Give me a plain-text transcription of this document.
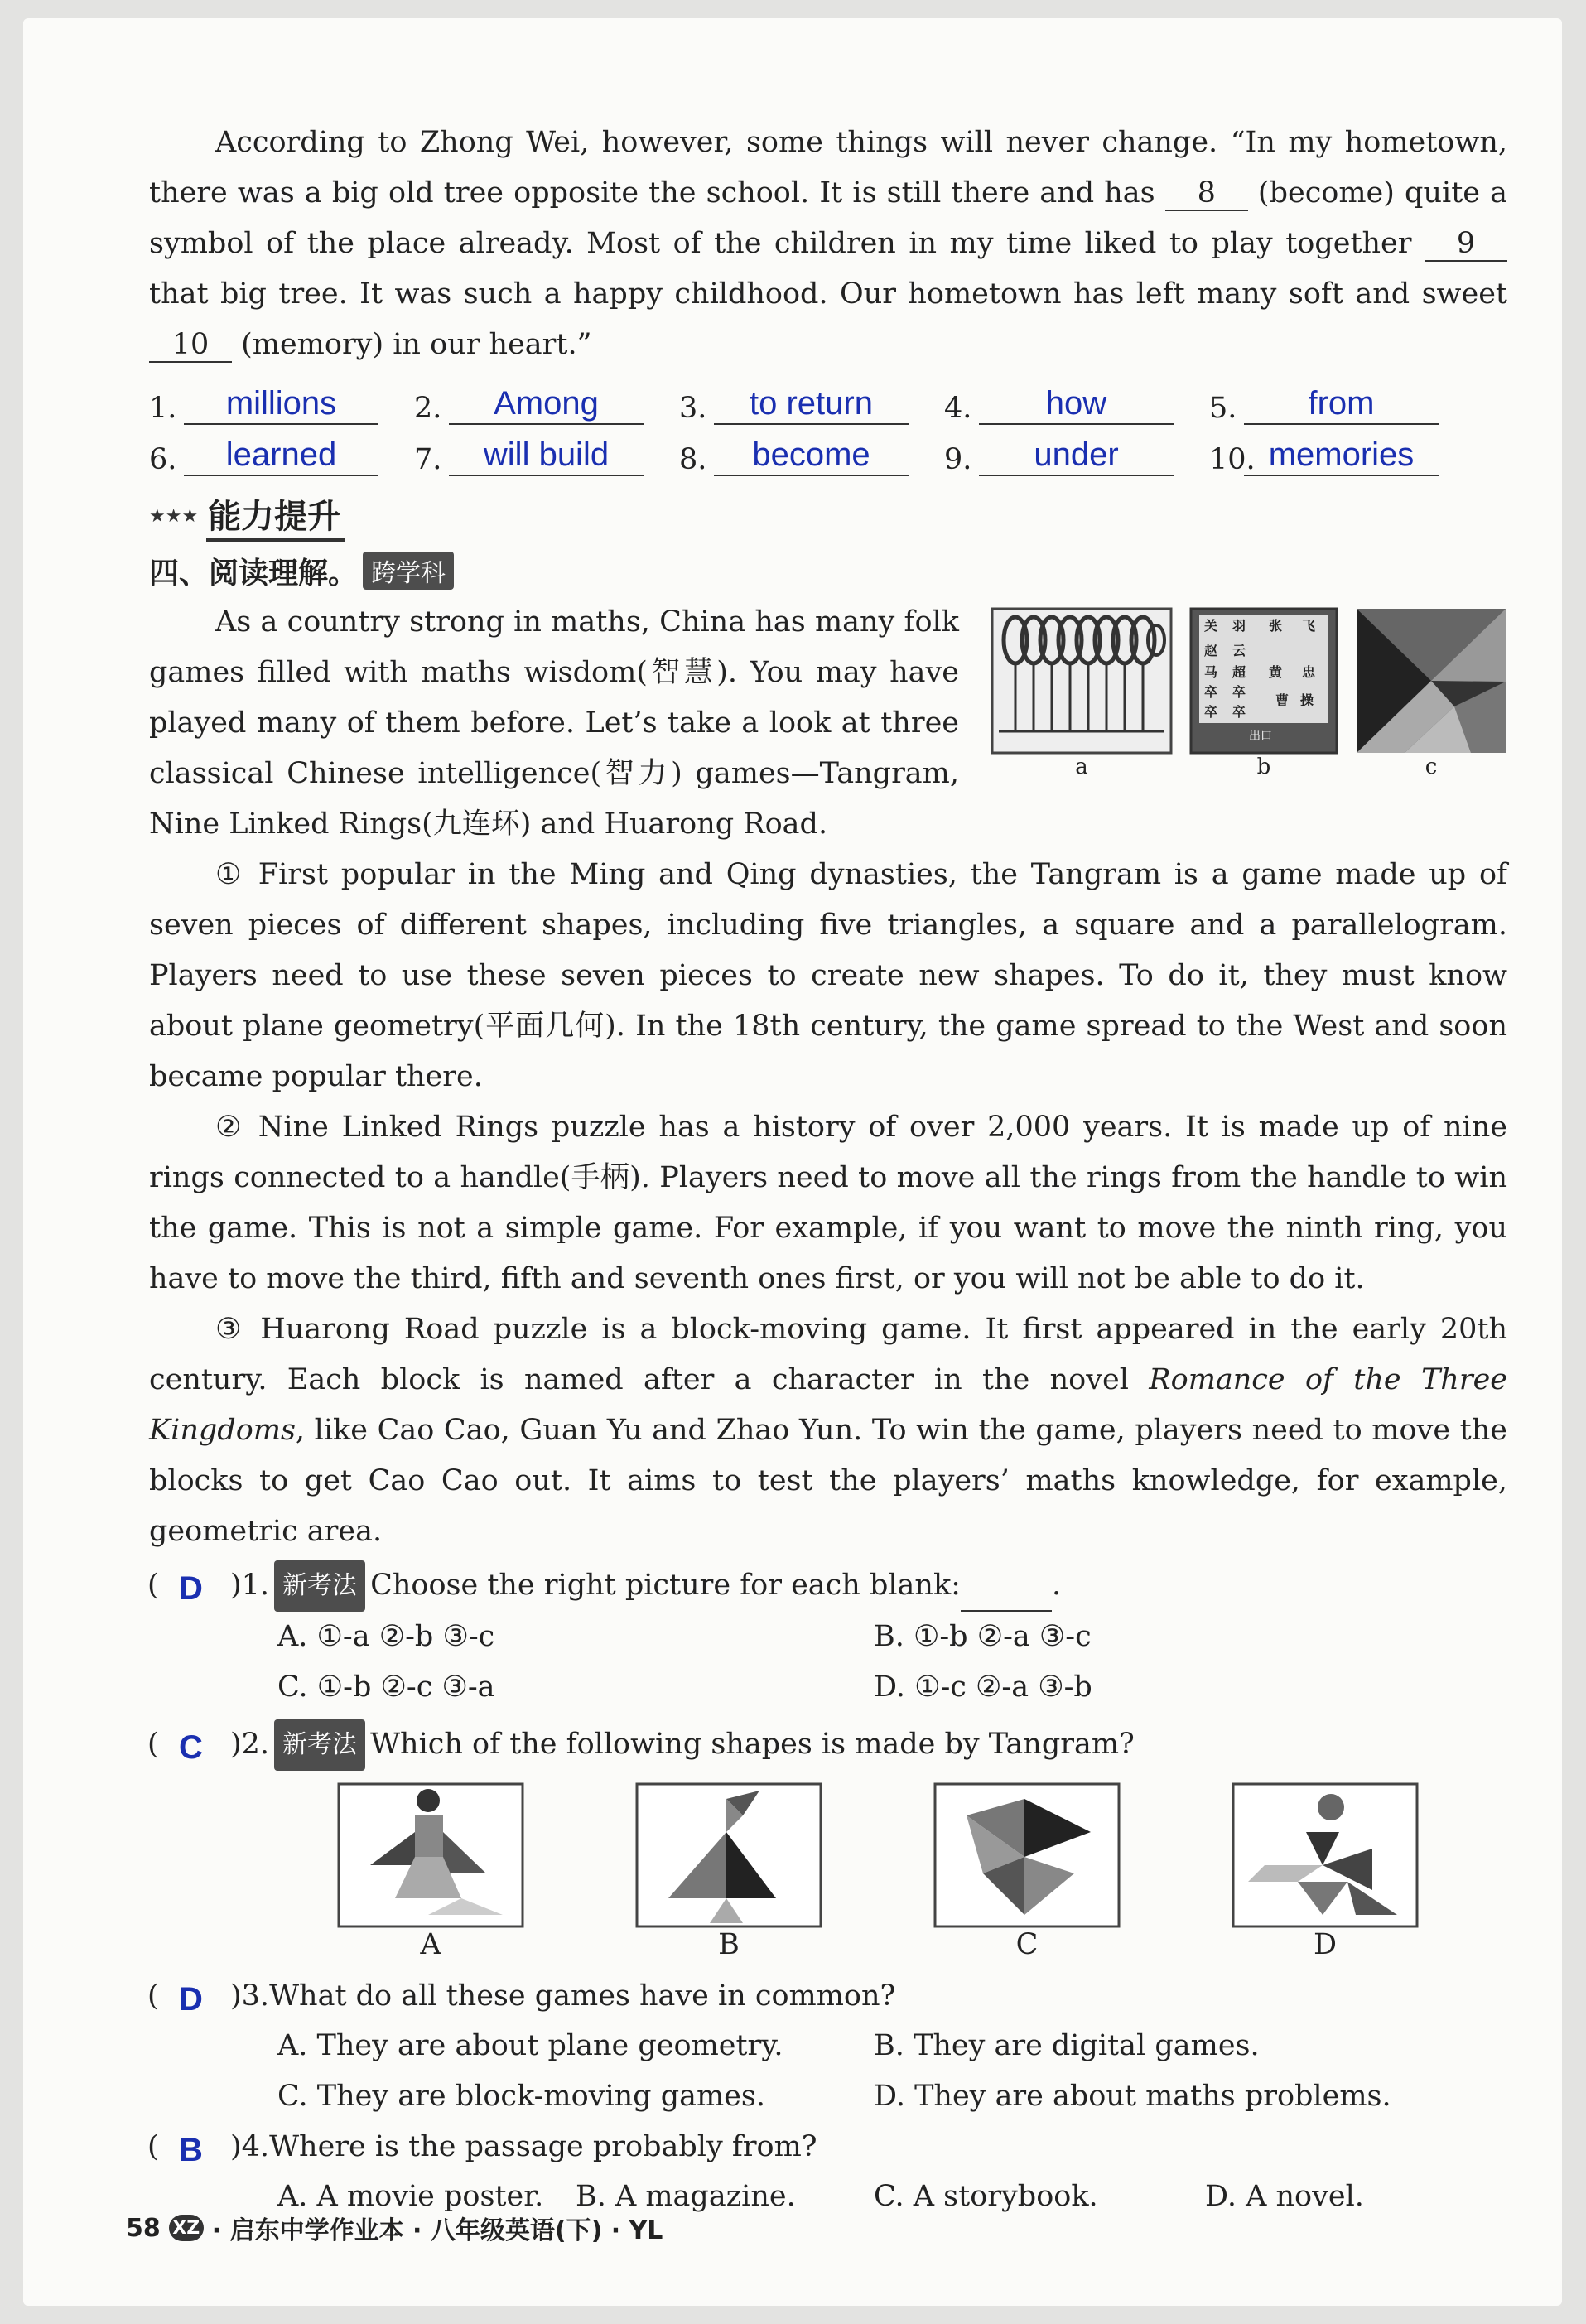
According to Zhong Wei, however, some things will never change. “In my hometown, there was a big old tree opposite the school. It is still there and has 8 (become) quite a symbol of the place already. Most of the children in my time liked to play together 9 that big tree. It was such a happy childhood. Our hometown has left many soft and sweet 10 (memory) in our heart.”

1.	millions	2.	Among	3.	to return	4.	how	5.	from
6.	learned	7.	will build	8.	become	9.	under	10. memories
★★★ 能力提升
四、阅读理解。 跨学科

As a country strong in maths, China has many folk games filled with maths wisdom(智慧). You may have played many of them before. Let’s take a look at three classical Chinese intelligence(智力) games—Tangram, Nine Linked Rings(九连环) and Huarong Road.

a
关 羽 张 飞
赵 云
马 超 黄 忠
卒 卒
卒 卒
曹 操
出口
b	c

① First popular in the Ming and Qing dynasties, the Tangram is a game made up of seven pieces of different shapes, including five triangles, a square and a parallelogram. Players need to use these seven pieces to create new shapes. To do it, they must know about plane geometry(平面几何). In the 18th century, the game spread to the West and soon became popular there.

② Nine Linked Rings puzzle has a history of over 2,000 years. It is made up of nine rings connected to a handle(手柄). Players need to move all the rings from the handle to win the game. This is not a simple game. For example, if you want to move the ninth ring, you have to move the third, fifth and seventh ones first, or you will not be able to do it.

③ Huarong Road puzzle is a block-moving game. It first appeared in the early 20th century. Each block is named after a character in the novel Romance of the Three Kingdoms, like Cao Cao, Guan Yu and Zhao Yun. To win the game, players need to move the blocks to get Cao Cao out. It aims to test the players’ maths knowledge, for example, geometric area.

( D )1. 新考法 Choose the right picture for each blank:	.
A. ①-a ②-b ③-c	B. ①-b ②-a ③-c
C. ①-b ②-c ③-a	D. ①-c ②-a ③-b
( C )2. 新考法 Which of the following shapes is made by Tangram?
A	B	C	D
( D )3. What do all these games have in common?
A. They are about plane geometry.	B. They are digital games.
C. They are block-moving games.	D. They are about maths problems.
( B )4. Where is the passage probably from?
A. A movie poster.	B. A magazine.	C. A storybook.	D. A novel.
58 XZ · 启东中学作业本 · 八年级英语(下) · YL
